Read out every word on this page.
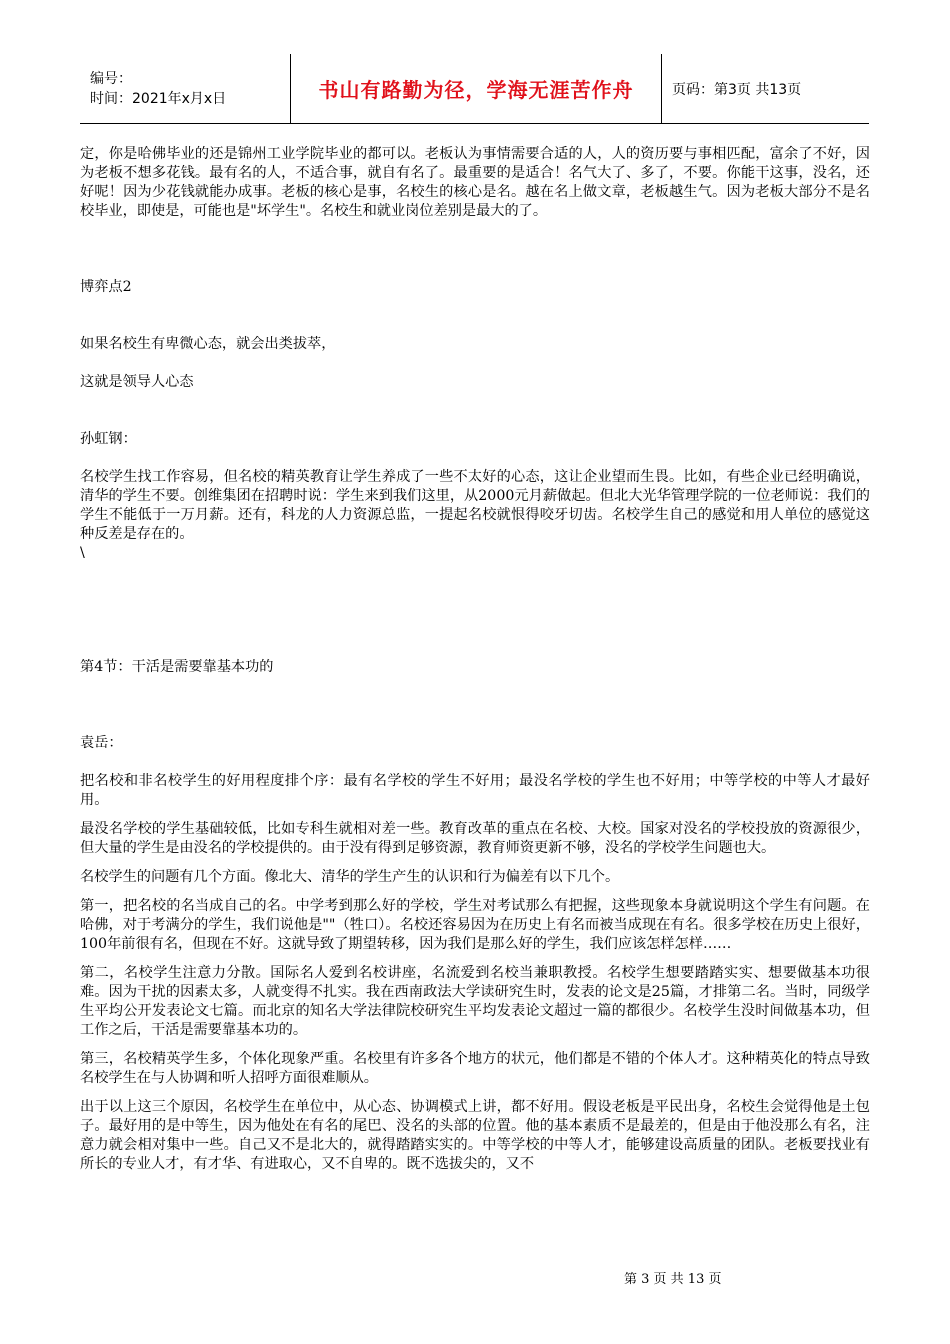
编号：
时间：2021年x月x日	书山有路勤为径，学海无涯苦作舟	页码：第3页 共13页

定，你是哈佛毕业的还是锦州工业学院毕业的都可以。老板认为事情需要合适的人，人的资历要与事相匹配，富余了不好，因为老板不想多花钱。最有名的人，不适合事，就自有名了。最重要的是适合！名气大了、多了，不要。你能干这事，没名，还好呢！因为少花钱就能办成事。老板的核心是事，名校生的核心是名。越在名上做文章，老板越生气。因为老板大部分不是名校毕业，即使是，可能也是"坏学生"。名校生和就业岗位差别是最大的了。

博弈点2

如果名校生有卑微心态，就会出类拔萃，

这就是领导人心态

孙虹钢：

名校学生找工作容易，但名校的精英教育让学生养成了一些不太好的心态，这让企业望而生畏。比如，有些企业已经明确说，清华的学生不要。创维集团在招聘时说：学生来到我们这里，从2000元月薪做起。但北大光华管理学院的一位老师说：我们的学生不能低于一万月薪。还有，科龙的人力资源总监，一提起名校就恨得咬牙切齿。名校学生自己的感觉和用人单位的感觉这种反差是存在的。

\

第4节：干活是需要靠基本功的

袁岳：

把名校和非名校学生的好用程度排个序：最有名学校的学生不好用；最没名学校的学生也不好用；中等学校的中等人才最好用。

最没名学校的学生基础较低，比如专科生就相对差一些。教育改革的重点在名校、大校。国家对没名的学校投放的资源很少，但大量的学生是由没名的学校提供的。由于没有得到足够资源，教育师资更新不够，没名的学校学生问题也大。

名校学生的问题有几个方面。像北大、清华的学生产生的认识和行为偏差有以下几个。

第一，把名校的名当成自己的名。中学考到那么好的学校，学生对考试那么有把握，这些现象本身就说明这个学生有问题。在哈佛，对于考满分的学生，我们说他是""（牲口）。名校还容易因为在历史上有名而被当成现在有名。很多学校在历史上很好，100年前很有名，但现在不好。这就导致了期望转移，因为我们是那么好的学生，我们应该怎样怎样……

第二，名校学生注意力分散。国际名人爱到名校讲座，名流爱到名校当兼职教授。名校学生想要踏踏实实、想要做基本功很难。因为干扰的因素太多，人就变得不扎实。我在西南政法大学读研究生时，发表的论文是25篇，才排第二名。当时，同级学生平均公开发表论文七篇。而北京的知名大学法律院校研究生平均发表论文超过一篇的都很少。名校学生没时间做基本功，但工作之后，干活是需要靠基本功的。

第三，名校精英学生多，个体化现象严重。名校里有许多各个地方的状元，他们都是不错的个体人才。这种精英化的特点导致名校学生在与人协调和听人招呼方面很难顺从。

出于以上这三个原因，名校学生在单位中，从心态、协调模式上讲，都不好用。假设老板是平民出身，名校生会觉得他是土包子。最好用的是中等生，因为他处在有名的尾巴、没名的头部的位置。他的基本素质不是最差的，但是由于他没那么有名，注意力就会相对集中一些。自己又不是北大的，就得踏踏实实的。中等学校的中等人才，能够建设高质量的团队。老板要找业有所长的专业人才，有才华、有进取心，又不自卑的。既不选拔尖的，又不

第 3 页 共 13 页
